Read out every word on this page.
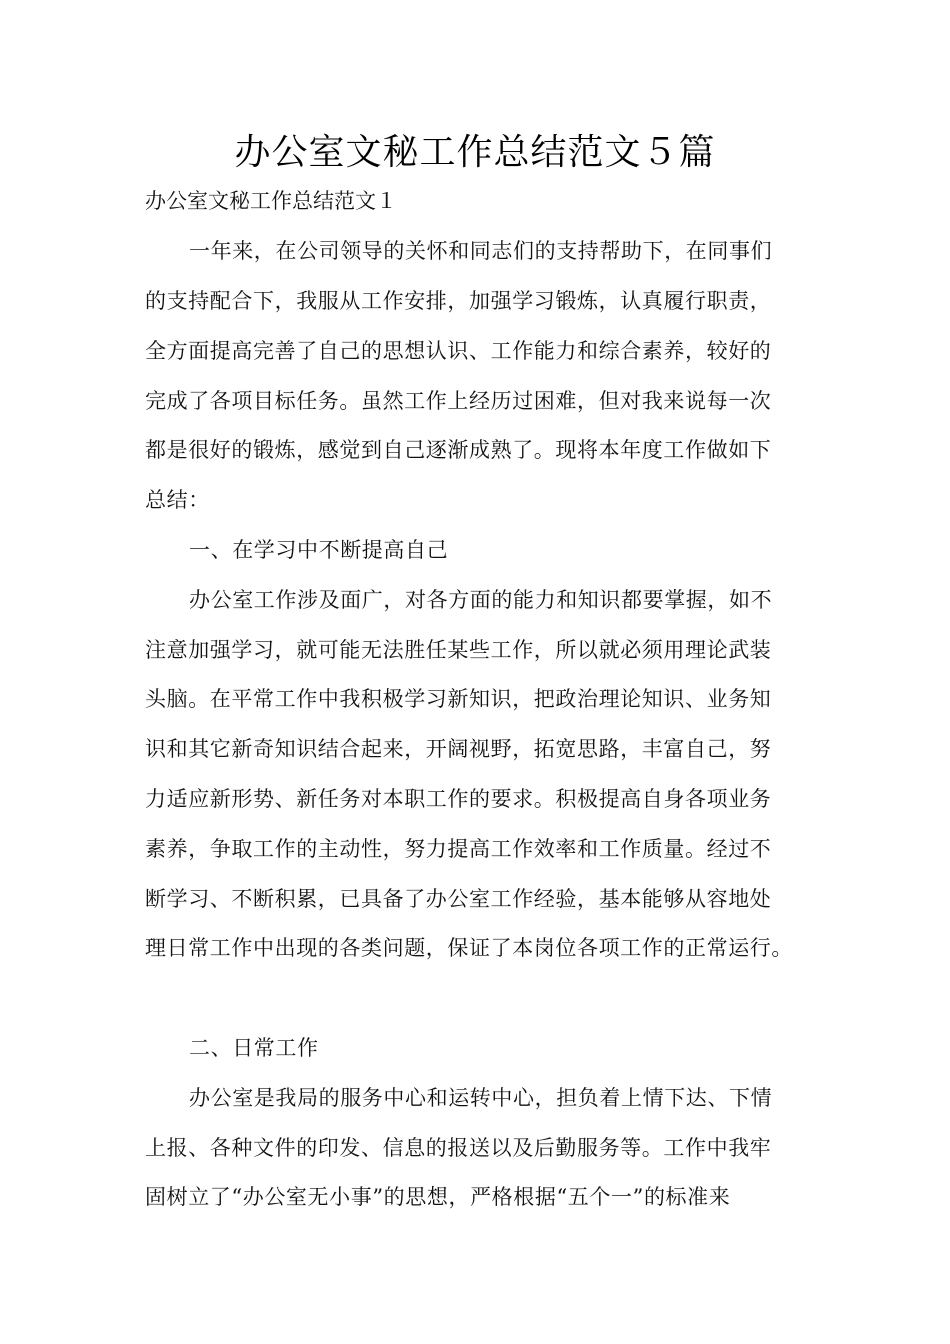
办公室文秘工作总结范文５篇
办公室文秘工作总结范文１
一年来，在公司领导的关怀和同志们的支持帮助下，在同事们
的支持配合下，我服从工作安排，加强学习锻炼，认真履行职责，
全方面提高完善了自己的思想认识、工作能力和综合素养，较好的
完成了各项目标任务。虽然工作上经历过困难，但对我来说每一次
都是很好的锻炼，感觉到自己逐渐成熟了。现将本年度工作做如下
总结：
一、在学习中不断提高自己
办公室工作涉及面广，对各方面的能力和知识都要掌握，如不
注意加强学习，就可能无法胜任某些工作，所以就必须用理论武装
头脑。在平常工作中我积极学习新知识，把政治理论知识、业务知
识和其它新奇知识结合起来，开阔视野，拓宽思路，丰富自己，努
力适应新形势、新任务对本职工作的要求。积极提高自身各项业务
素养，争取工作的主动性，努力提高工作效率和工作质量。经过不
断学习、不断积累，已具备了办公室工作经验，基本能够从容地处
理日常工作中出现的各类问题，保证了本岗位各项工作的正常运行。
二、日常工作
办公室是我局的服务中心和运转中心，担负着上情下达、下情
上报、各种文件的印发、信息的报送以及后勤服务等。工作中我牢
固树立了“办公室无小事”的思想，严格根据“五个一”的标准来
